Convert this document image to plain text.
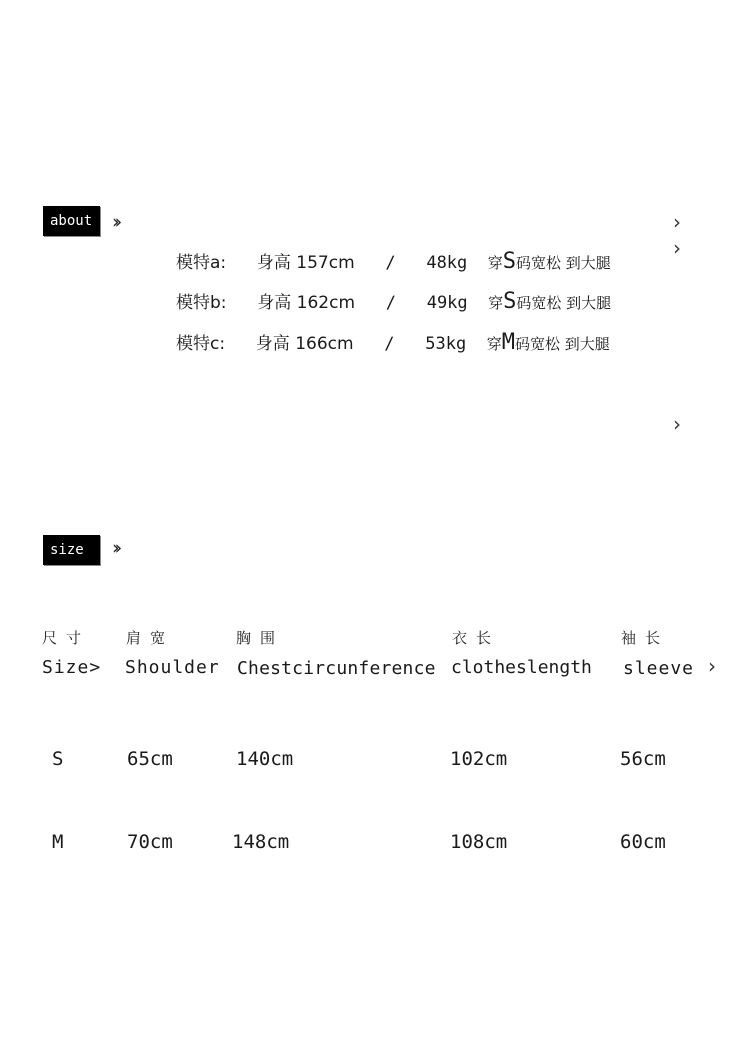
about	›​›	›
›
›
模特a: 身高 157cm ∕ 48kg 穿S码宽松 到大腿
模特b: 身高 162cm ∕ 49kg 穿S码宽松 到大腿
模特c: 身高 166cm ∕ 53kg 穿M码宽松 到大腿
size	›​›
尺寸 肩宽	胸围	衣长	袖长
Size> Shoulder Chestcircunference clotheslength sleeve ›
S	65cm	140cm	102cm	56cm
M	70cm	148cm	108cm	60cm
